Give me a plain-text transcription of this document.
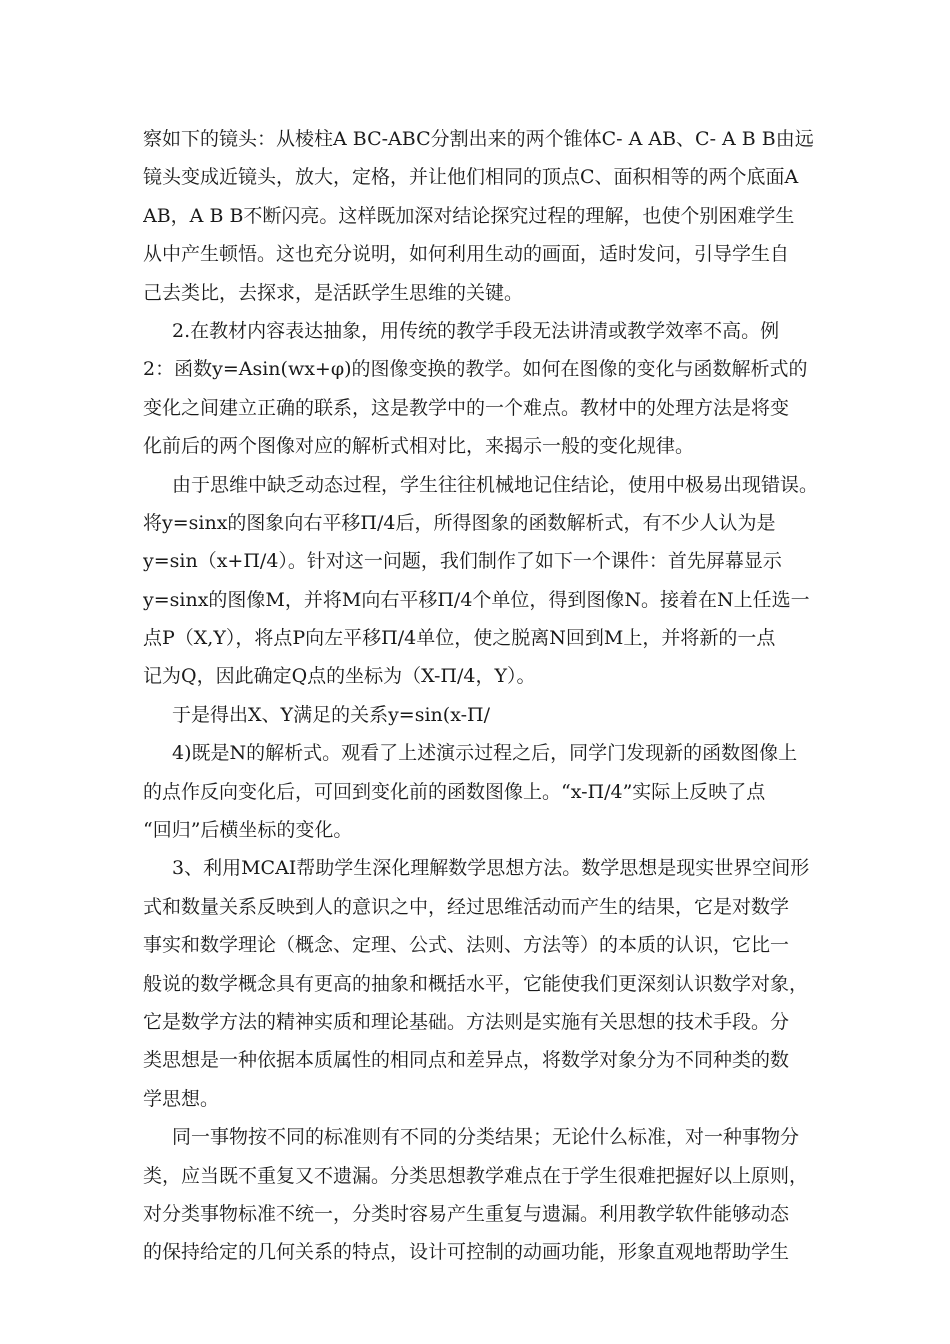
察如下的镜头：从棱柱A BC-ABC分割出来的两个锥体C- A AB、C- A B B由远
镜头变成近镜头，放大，定格，并让他们相同的顶点C、面积相等的两个底面A
AB，A B B不断闪亮。这样既加深对结论探究过程的理解，也使个别困难学生
从中产生顿悟。这也充分说明，如何利用生动的画面，适时发问，引导学生自
己去类比，去探求，是活跃学生思维的关键。
2.在教材内容表达抽象，用传统的教学手段无法讲清或教学效率不高。例
2：函数y=Asin(wx+φ)的图像变换的教学。如何在图像的变化与函数解析式的
变化之间建立正确的联系，这是教学中的一个难点。教材中的处理方法是将变
化前后的两个图像对应的解析式相对比，来揭示一般的变化规律。
由于思维中缺乏动态过程，学生往往机械地记住结论，使用中极易出现错误。
将y=sinx的图象向右平移Π/4后，所得图象的函数解析式，有不少人认为是
y=sin（x+Π/4）。针对这一问题，我们制作了如下一个课件：首先屏幕显示
y=sinx的图像M，并将M向右平移Π/4个单位，得到图像N。接着在N上任选一
点P（X,Y），将点P向左平移Π/4单位，使之脱离N回到M上，并将新的一点
记为Q，因此确定Q点的坐标为（X-Π/4，Y）。
于是得出X、Y满足的关系y=sin(x-Π/
4)既是N的解析式。观看了上述演示过程之后，同学门发现新的函数图像上
的点作反向变化后，可回到变化前的函数图像上。“x-Π/4”实际上反映了点
“回归”后横坐标的变化。
3、利用MCAI帮助学生深化理解数学思想方法。数学思想是现实世界空间形
式和数量关系反映到人的意识之中，经过思维活动而产生的结果，它是对数学
事实和数学理论（概念、定理、公式、法则、方法等）的本质的认识，它比一
般说的数学概念具有更高的抽象和概括水平，它能使我们更深刻认识数学对象，
它是数学方法的精神实质和理论基础。方法则是实施有关思想的技术手段。分
类思想是一种依据本质属性的相同点和差异点，将数学对象分为不同种类的数
学思想。
同一事物按不同的标准则有不同的分类结果；无论什么标准，对一种事物分
类，应当既不重复又不遗漏。分类思想教学难点在于学生很难把握好以上原则，
对分类事物标准不统一，分类时容易产生重复与遗漏。利用教学软件能够动态
的保持给定的几何关系的特点，设计可控制的动画功能，形象直观地帮助学生
